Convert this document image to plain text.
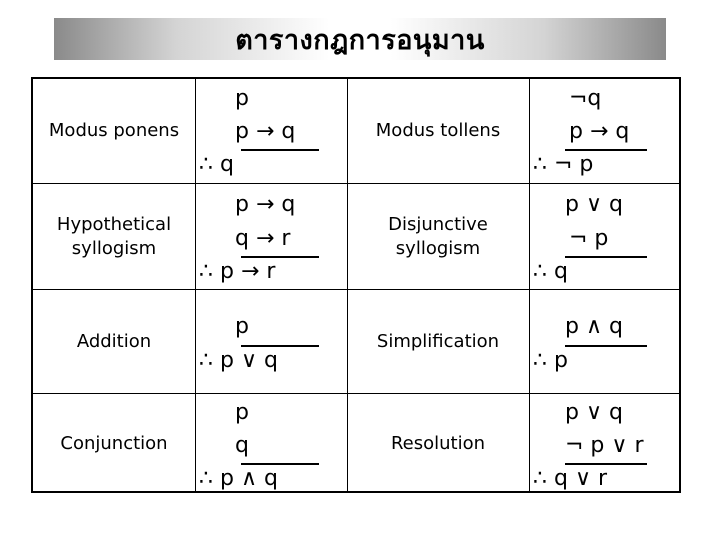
ตารางกฎการอนุมาน
Modus ponens
p
p → q
∴ q
Modus tollens
¬q
p → q
∴ ¬ p
Hypothetical syllogism
p → q
q → r
∴ p → r
Disjunctive syllogism
p ∨ q
¬ p
∴ q
Addition
p
∴ p ∨ q
Simplification
p ∧ q
∴ p
Conjunction
p
q
∴ p ∧ q
Resolution
p ∨ q
¬ p ∨ r
∴ q ∨ r
